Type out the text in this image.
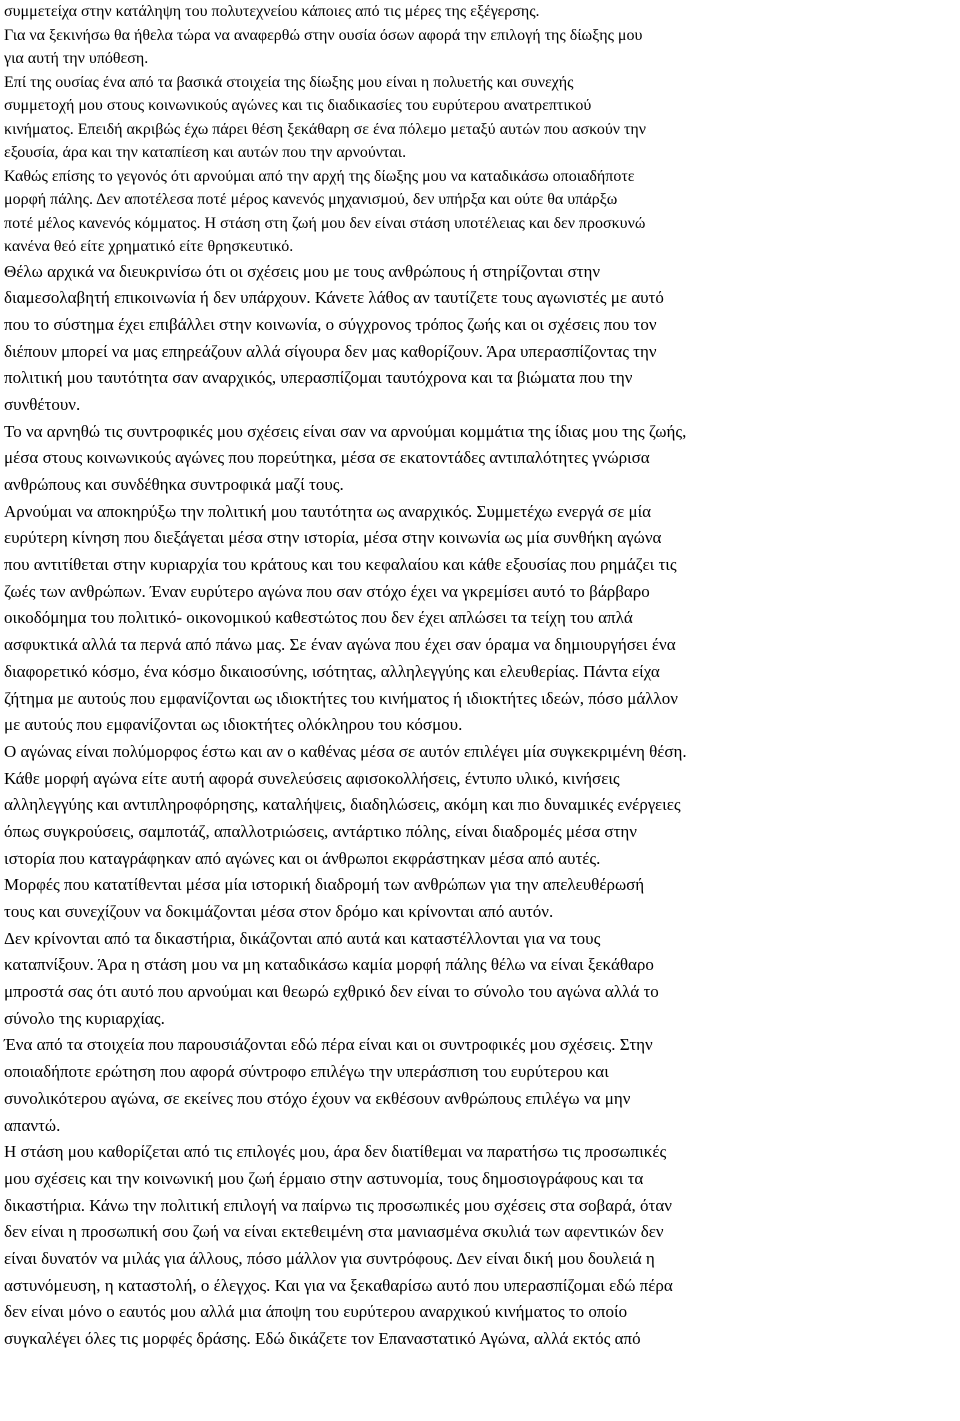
συμμετείχα στην κατάληψη του πολυτεχνείου κάποιες από τις μέρες της εξέγερσης.
Για να ξεκινήσω θα ήθελα τώρα να αναφερθώ στην ουσία όσων αφορά την επιλογή της δίωξης μου
για αυτή την υπόθεση.
Επί της ουσίας ένα από τα βασικά στοιχεία της δίωξης μου είναι η πολυετής και συνεχής
συμμετοχή μου στους κοινωνικούς αγώνες και τις διαδικασίες του ευρύτερου ανατρεπτικού
κινήματος. Επειδή ακριβώς έχω πάρει θέση ξεκάθαρη σε ένα πόλεμο μεταξύ αυτών που ασκούν την
εξουσία, άρα και την καταπίεση και αυτών που την αρνούνται.
Καθώς επίσης το γεγονός ότι αρνούμαι από την αρχή της δίωξης μου να καταδικάσω οποιαδήποτε
μορφή πάλης. Δεν αποτέλεσα ποτέ μέρος κανενός μηχανισμού, δεν υπήρξα και ούτε θα υπάρξω
ποτέ μέλος κανενός κόμματος. Η στάση στη ζωή μου δεν είναι στάση υποτέλειας και δεν προσκυνώ
κανένα θεό είτε χρηματικό είτε θρησκευτικό.
Θέλω αρχικά να διευκρινίσω ότι οι σχέσεις μου με τους ανθρώπους ή στηρίζονται στην
διαμεσολαβητή επικοινωνία ή δεν υπάρχουν. Κάνετε λάθος αν ταυτίζετε τους αγωνιστές με αυτό
που το σύστημα έχει επιβάλλει στην κοινωνία, ο σύγχρονος τρόπος ζωής και οι σχέσεις που τον
διέπουν μπορεί να μας επηρεάζουν αλλά σίγουρα δεν μας καθορίζουν. Άρα υπερασπίζοντας την
πολιτική μου ταυτότητα σαν αναρχικός, υπερασπίζομαι ταυτόχρονα και τα βιώματα που την
συνθέτουν.
Το να αρνηθώ τις συντροφικές μου σχέσεις είναι σαν να αρνούμαι κομμάτια της ίδιας μου της ζωής,
μέσα στους κοινωνικούς αγώνες που πορεύτηκα, μέσα σε εκατοντάδες αντιπαλότητες γνώρισα
ανθρώπους και συνδέθηκα συντροφικά μαζί τους.
Αρνούμαι να αποκηρύξω την πολιτική μου ταυτότητα ως αναρχικός. Συμμετέχω ενεργά σε μία
ευρύτερη κίνηση που διεξάγεται μέσα στην ιστορία, μέσα στην κοινωνία ως μία συνθήκη αγώνα
που αντιτίθεται στην κυριαρχία του κράτους και του κεφαλαίου και κάθε εξουσίας που ρημάζει τις
ζωές των ανθρώπων. Έναν ευρύτερο αγώνα που σαν στόχο έχει να γκρεμίσει αυτό το βάρβαρο
οικοδόμημα του πολιτικό- οικονομικού καθεστώτος που δεν έχει απλώσει τα τείχη του απλά
ασφυκτικά αλλά τα περνά από πάνω μας. Σε έναν αγώνα που έχει σαν όραμα να δημιουργήσει ένα
διαφορετικό κόσμο, ένα κόσμο δικαιοσύνης, ισότητας, αλληλεγγύης και ελευθερίας. Πάντα είχα
ζήτημα με αυτούς που εμφανίζονται ως ιδιοκτήτες του κινήματος ή ιδιοκτήτες ιδεών, πόσο μάλλον
με αυτούς που εμφανίζονται ως ιδιοκτήτες ολόκληρου του κόσμου.
Ο αγώνας είναι πολύμορφος έστω και αν ο καθένας μέσα σε αυτόν επιλέγει μία συγκεκριμένη θέση.
Κάθε μορφή αγώνα είτε αυτή αφορά συνελεύσεις αφισοκολλήσεις, έντυπο υλικό, κινήσεις
αλληλεγγύης και αντιπληροφόρησης, καταλήψεις, διαδηλώσεις, ακόμη και πιο δυναμικές ενέργειες
όπως συγκρούσεις, σαμποτάζ, απαλλοτριώσεις, αντάρτικο πόλης, είναι διαδρομές μέσα στην
ιστορία που καταγράφηκαν από αγώνες και οι άνθρωποι εκφράστηκαν μέσα από αυτές.
Μορφές που κατατίθενται μέσα μία ιστορική διαδρομή των ανθρώπων για την απελευθέρωσή
τους και συνεχίζουν να δοκιμάζονται μέσα στον δρόμο και κρίνονται από αυτόν.
Δεν κρίνονται από τα δικαστήρια, δικάζονται από αυτά και καταστέλλονται για να τους
καταπνίξουν. Άρα η στάση μου να μη καταδικάσω καμία μορφή πάλης θέλω να είναι ξεκάθαρο
μπροστά σας ότι αυτό που αρνούμαι και θεωρώ εχθρικό δεν είναι το σύνολο του αγώνα αλλά το
σύνολο της κυριαρχίας.
Ένα από τα στοιχεία που παρουσιάζονται εδώ πέρα είναι και οι συντροφικές μου σχέσεις. Στην
οποιαδήποτε ερώτηση που αφορά σύντροφο επιλέγω την υπεράσπιση του ευρύτερου και
συνολικότερου αγώνα, σε εκείνες που στόχο έχουν να εκθέσουν ανθρώπους επιλέγω να μην
απαντώ.
Η στάση μου καθορίζεται από τις επιλογές μου, άρα δεν διατίθεμαι να παρατήσω τις προσωπικές
μου σχέσεις και την κοινωνική μου ζωή έρμαιο στην αστυνομία, τους δημοσιογράφους και τα
δικαστήρια. Κάνω την πολιτική επιλογή να παίρνω τις προσωπικές μου σχέσεις στα σοβαρά, όταν
δεν είναι η προσωπική σου ζωή να είναι εκτεθειμένη στα μανιασμένα σκυλιά των αφεντικών δεν
είναι δυνατόν να μιλάς για άλλους, πόσο μάλλον για συντρόφους. Δεν είναι δική μου δουλειά η
αστυνόμευση, η καταστολή, ο έλεγχος. Και για να ξεκαθαρίσω αυτό που υπερασπίζομαι εδώ πέρα
δεν είναι μόνο ο εαυτός μου αλλά μια άποψη του ευρύτερου αναρχικού κινήματος το οποίο
συγκαλέγει όλες τις μορφές δράσης. Εδώ δικάζετε τον Επαναστατικό Αγώνα, αλλά εκτός από
